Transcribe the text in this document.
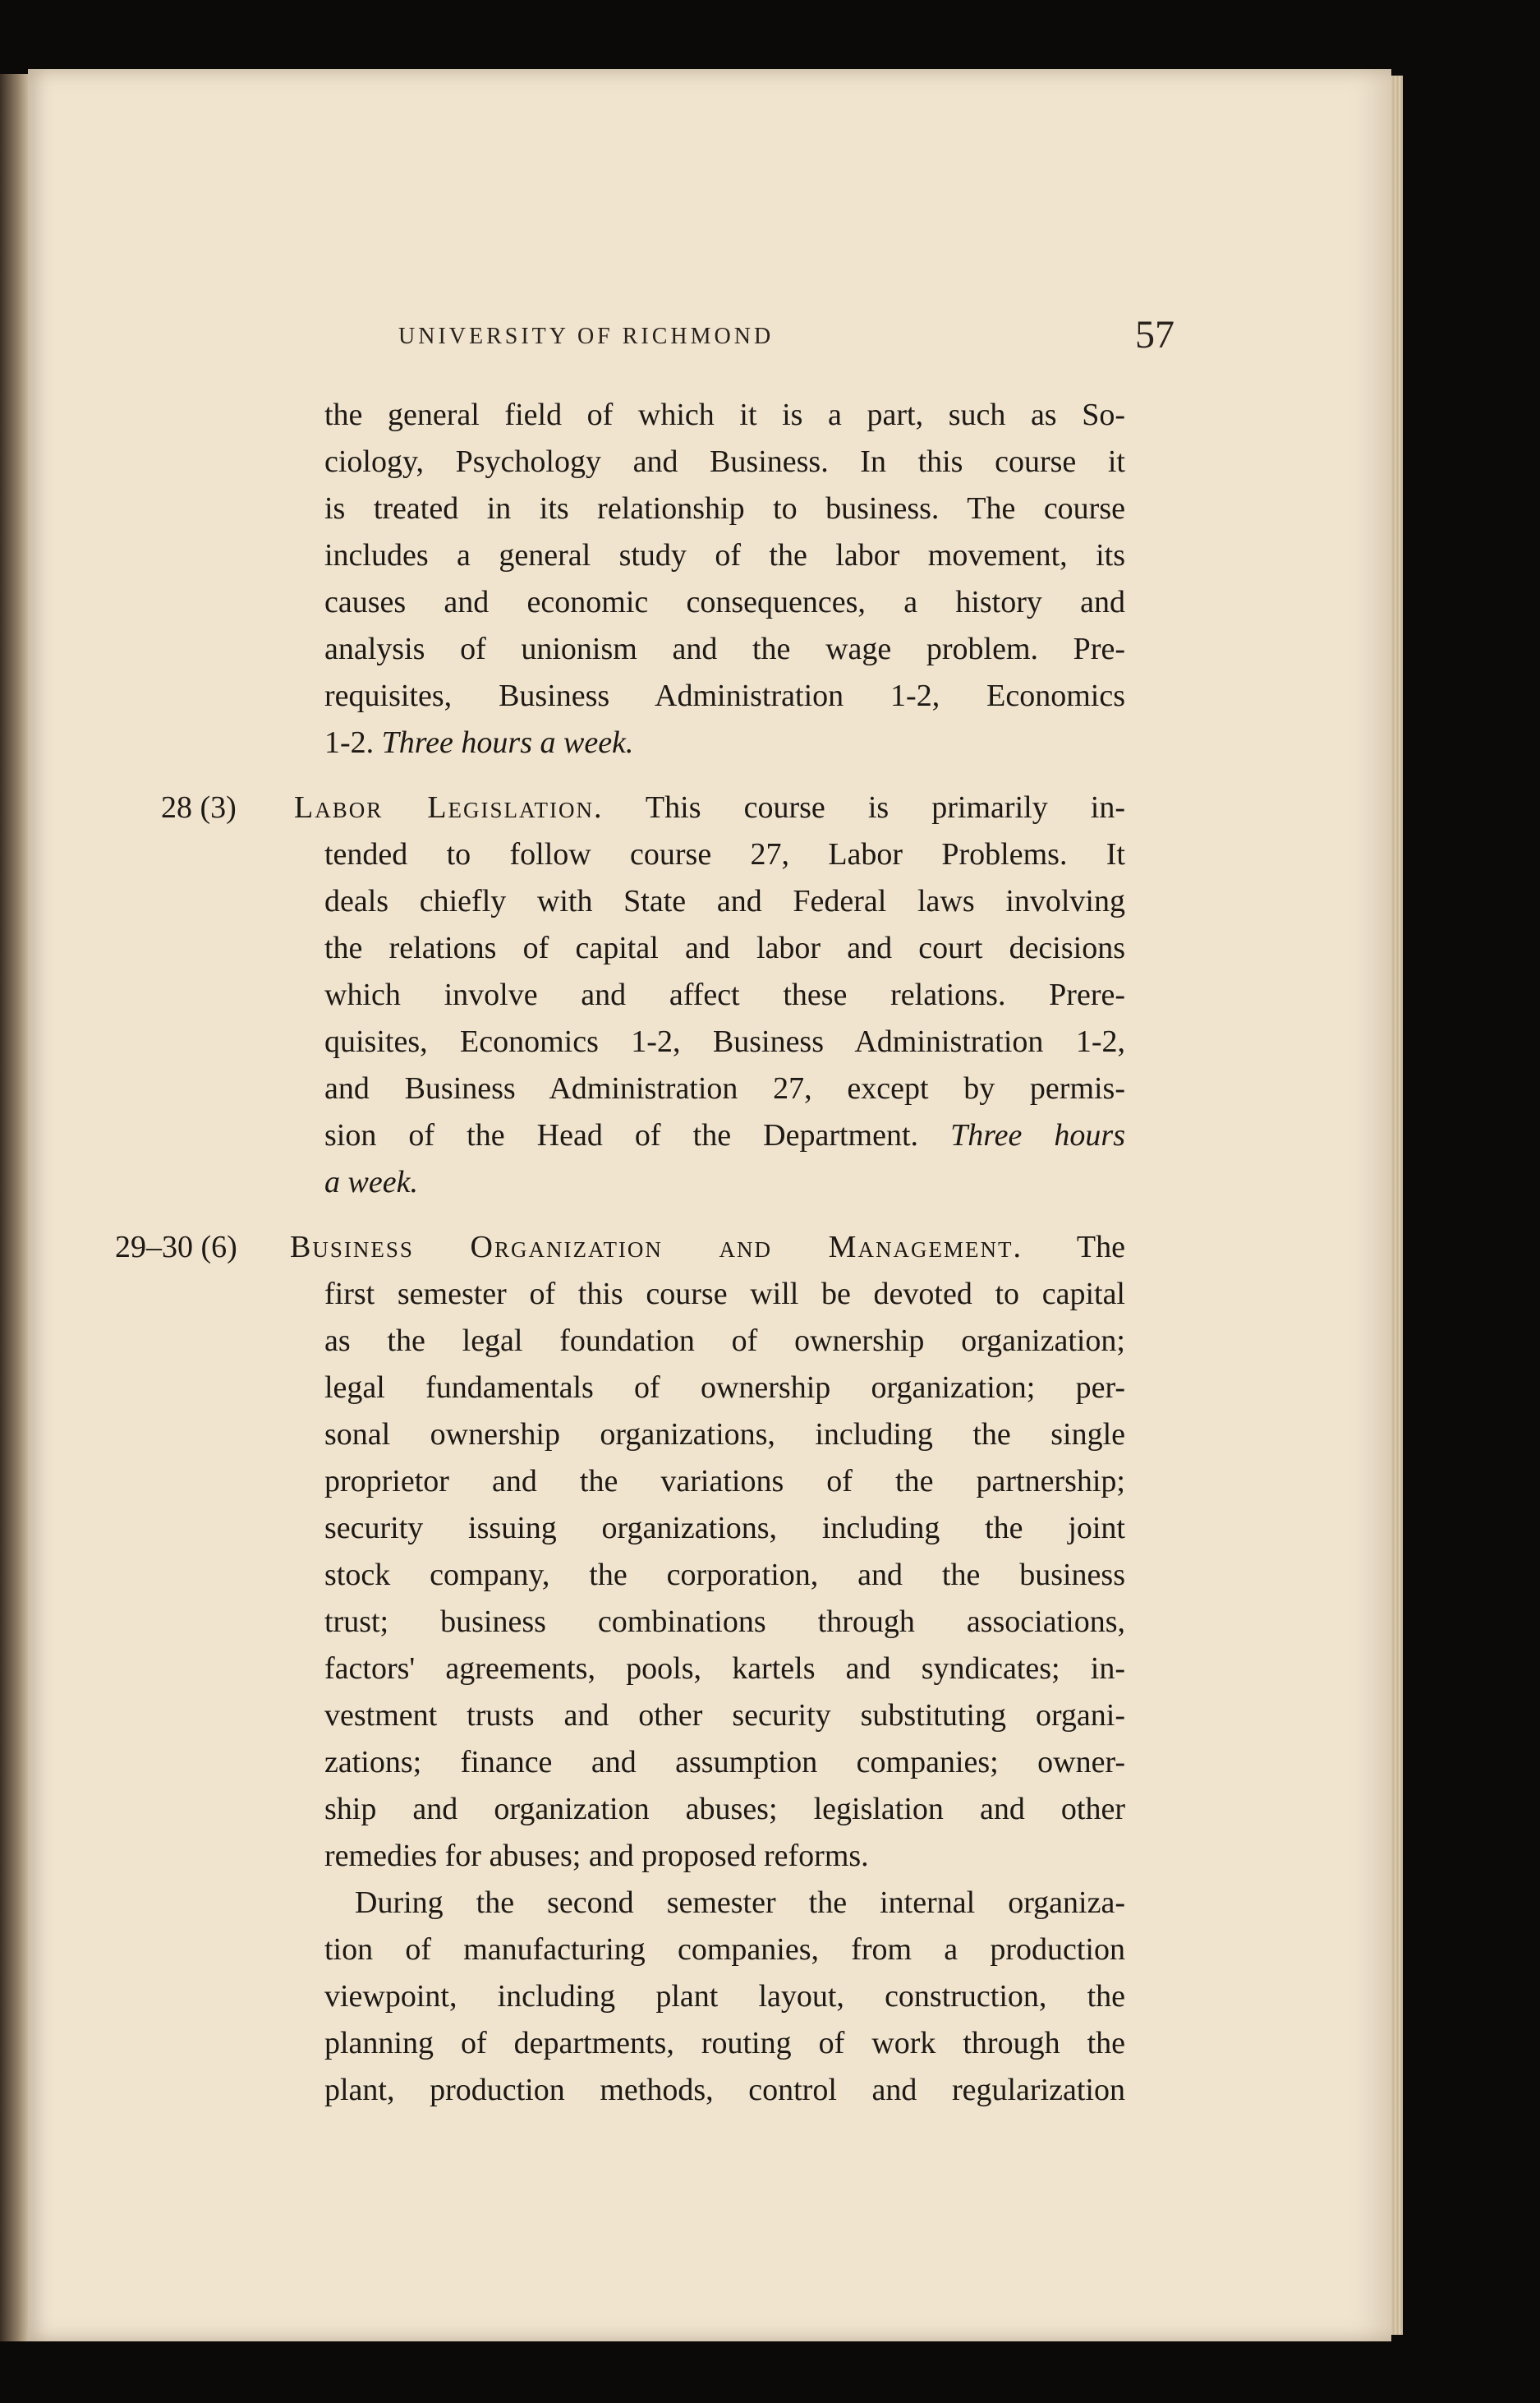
UNIVERSITY OF RICHMOND	57
the general field of which it is a part, such as So-
ciology, Psychology and Business. In this course it
is treated in its relationship to business. The course
includes a general study of the labor movement, its
causes and economic consequences, a history and
analysis of unionism and the wage problem. Pre-
requisites, Business Administration 1-2, Economics
1-2. Three hours a week.
28 (3) Labor Legislation. This course is primarily in-
tended to follow course 27, Labor Problems. It
deals chiefly with State and Federal laws involving
the relations of capital and labor and court decisions
which involve and affect these relations. Prere-
quisites, Economics 1-2, Business Administration 1-2,
and Business Administration 27, except by permis-
sion of the Head of the Department. Three hours
a week.
29–30 (6) Business Organization and Management. The
first semester of this course will be devoted to capital
as the legal foundation of ownership organization;
legal fundamentals of ownership organization; per-
sonal ownership organizations, including the single
proprietor and the variations of the partnership;
security issuing organizations, including the joint
stock company, the corporation, and the business
trust; business combinations through associations,
factors' agreements, pools, kartels and syndicates; in-
vestment trusts and other security substituting organi-
zations; finance and assumption companies; owner-
ship and organization abuses; legislation and other
remedies for abuses; and proposed reforms.
During the second semester the internal organiza-
tion of manufacturing companies, from a production
viewpoint, including plant layout, construction, the
planning of departments, routing of work through the
plant, production methods, control and regularization
